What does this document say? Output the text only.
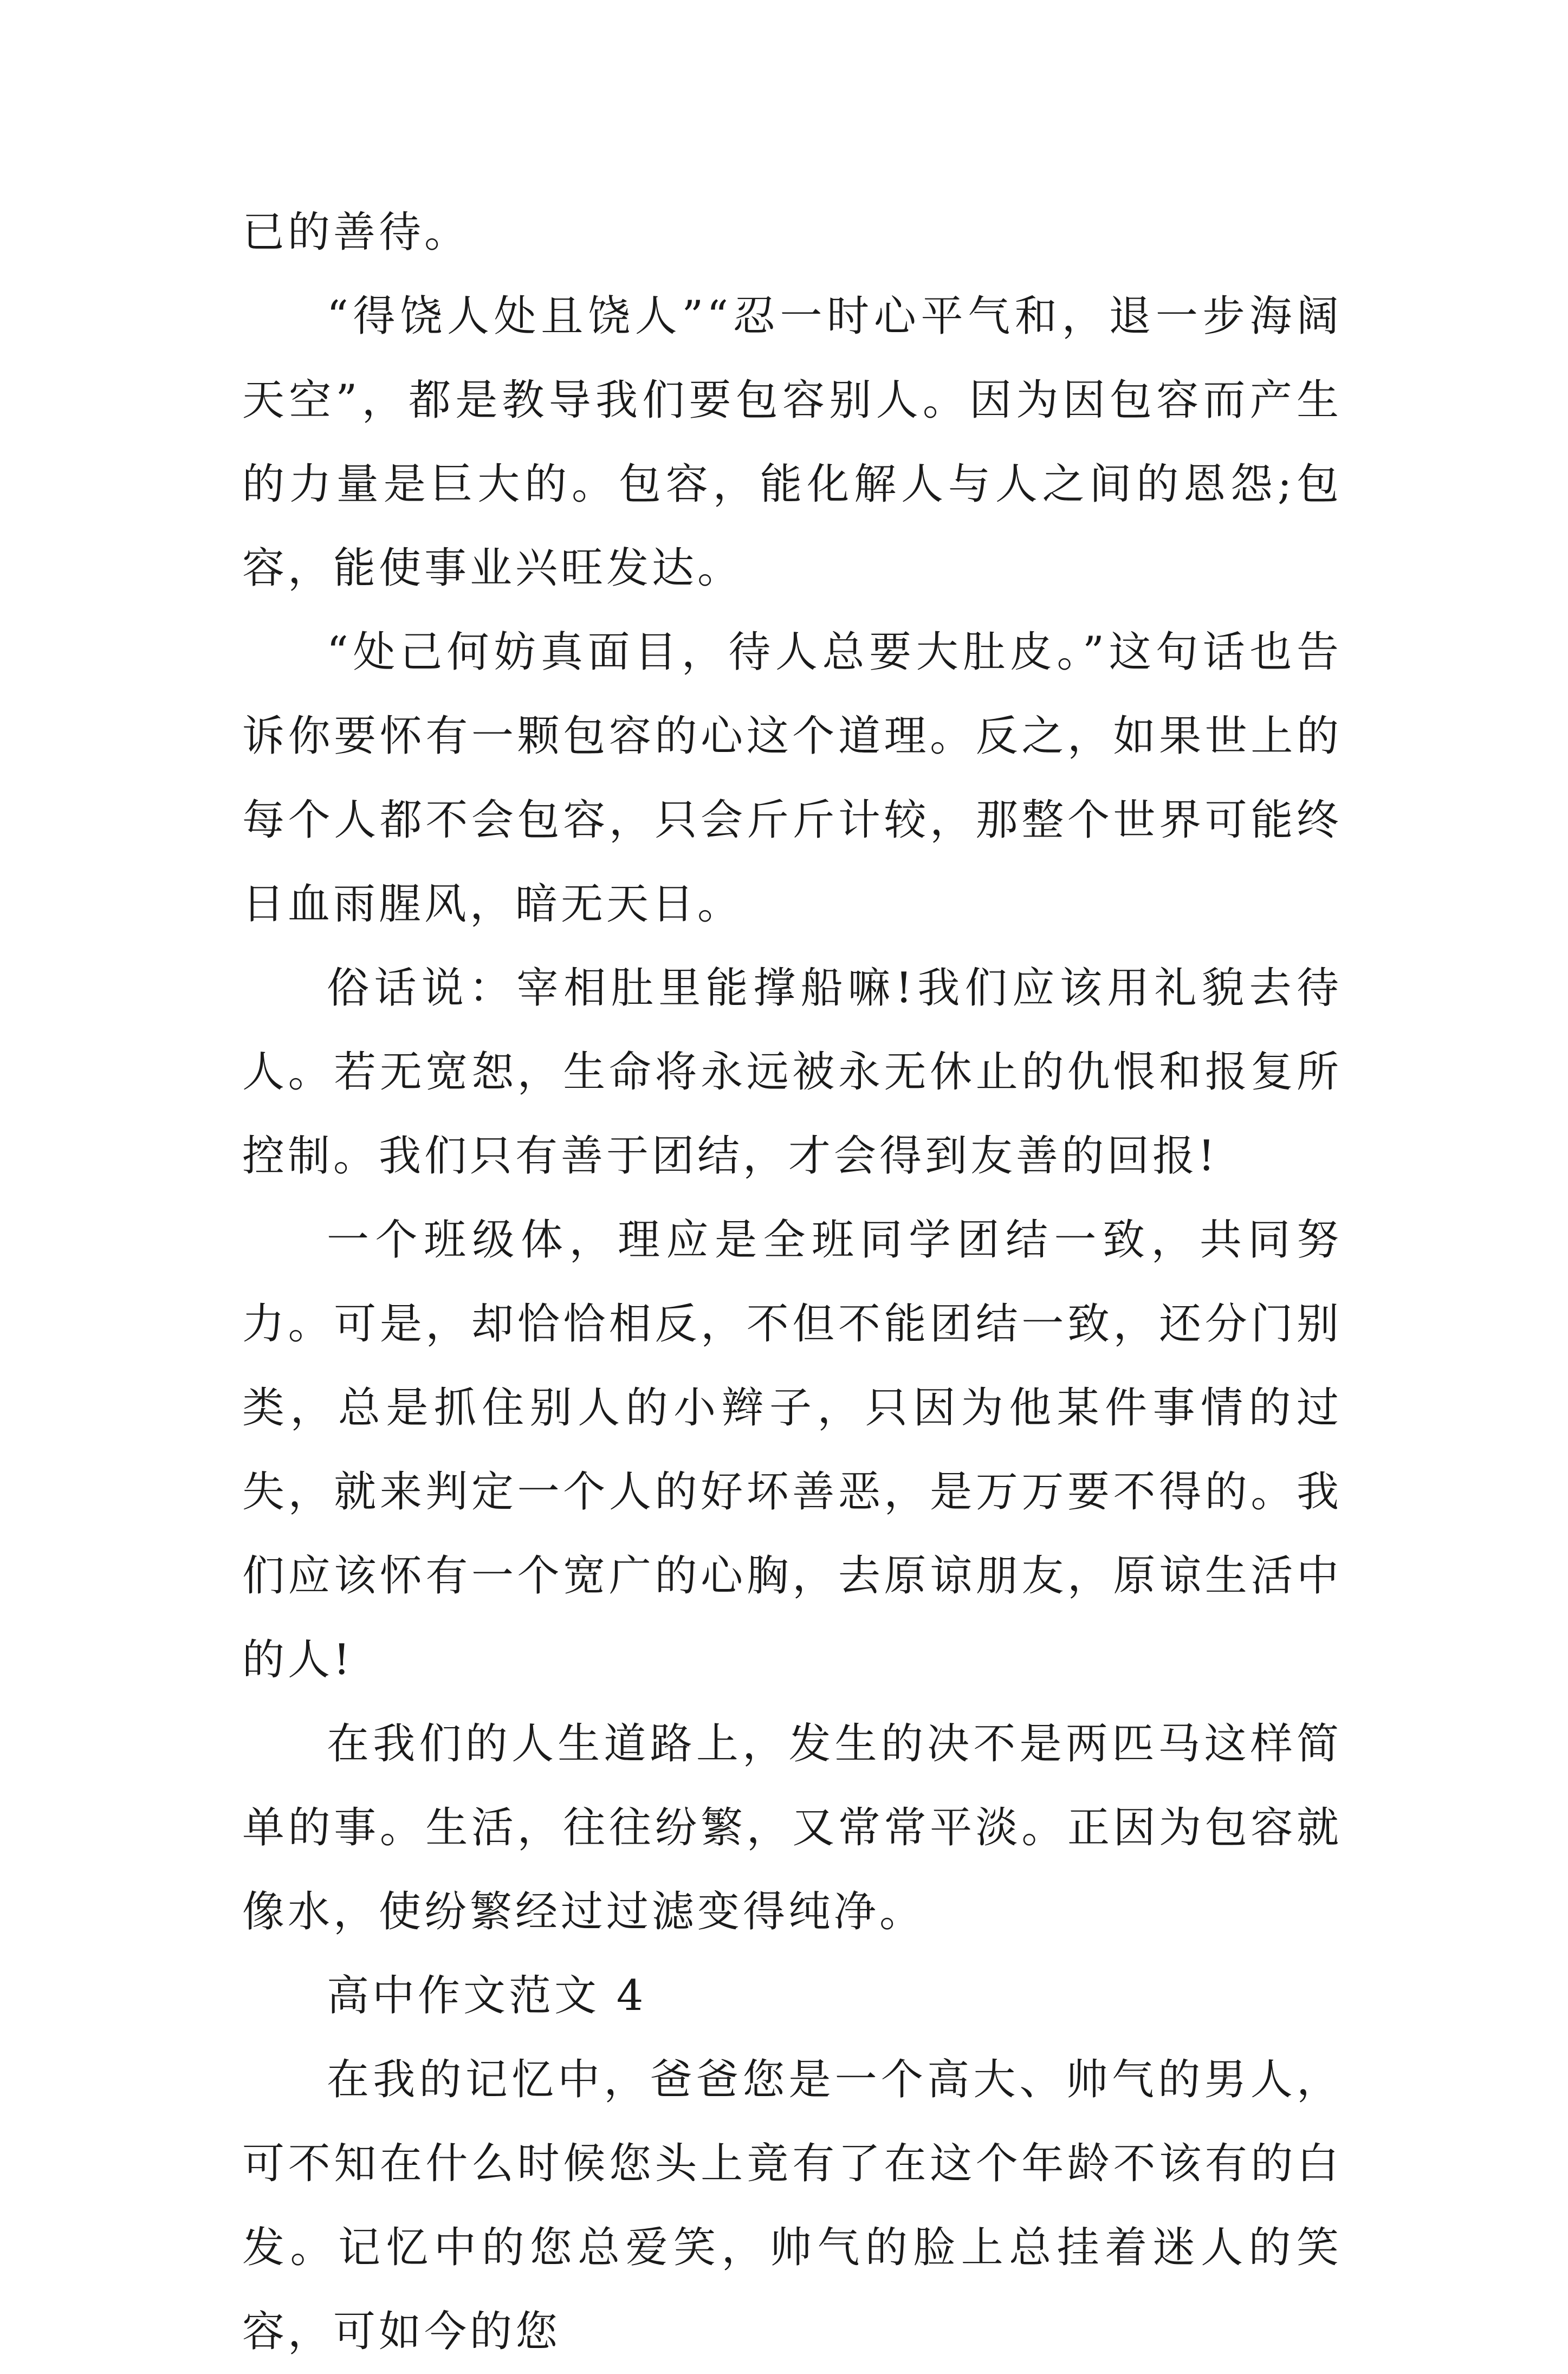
已的善待。

“得饶人处且饶人”“忍一时心平气和，退一步海阔天空”，都是教导我们要包容别人。因为因包容而产生的力量是巨大的。包容，能化解人与人之间的恩怨;包容，能使事业兴旺发达。

“处己何妨真面目，待人总要大肚皮。”这句话也告诉你要怀有一颗包容的心这个道理。反之，如果世上的每个人都不会包容，只会斤斤计较，那整个世界可能终日血雨腥风，暗无天日。

俗话说：宰相肚里能撑船嘛!我们应该用礼貌去待人。若无宽恕，生命将永远被永无休止的仇恨和报复所控制。我们只有善于团结，才会得到友善的回报!

一个班级体，理应是全班同学团结一致，共同努力。可是，却恰恰相反，不但不能团结一致，还分门别类，总是抓住别人的小辫子，只因为他某件事情的过失，就来判定一个人的好坏善恶，是万万要不得的。我们应该怀有一个宽广的心胸，去原谅朋友，原谅生活中的人!

在我们的人生道路上，发生的决不是两匹马这样简单的事。生活，往往纷繁，又常常平淡。正因为包容就像水，使纷繁经过过滤变得纯净。

高中作文范文 4

在我的记忆中，爸爸您是一个高大、帅气的男人，可不知在什么时候您头上竟有了在这个年龄不该有的白发。记忆中的您总爱笑，帅气的脸上总挂着迷人的笑容，可如今的您
